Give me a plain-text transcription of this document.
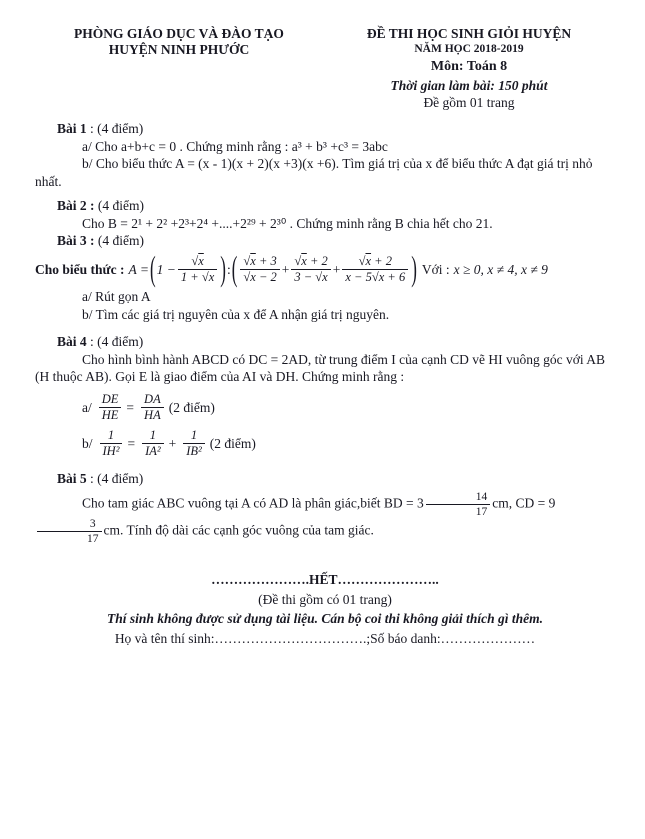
PHÒNG GIÁO DỤC VÀ ĐÀO TẠO
HUYỆN NINH PHƯỚC
ĐỀ THI HỌC SINH GIỎI HUYỆN
NĂM HỌC 2018-2019
Môn: Toán 8
Thời gian làm bài: 150 phút
Đề gồm 01 trang
Bài 1 : (4 điểm)
a/ Cho a+b+c = 0 . Chứng minh rằng : a³ + b³ +c³ = 3abc
b/ Cho biểu thức A = (x - 1)(x + 2)(x +3)(x +6). Tìm giá trị của x để biểu thức A đạt giá trị nhỏ nhất.
Bài 2 : (4 điểm)
Cho B = 2¹ + 2² +2³+2⁴ +....+2²⁹ + 2³⁰ . Chứng minh rằng B chia hết cho 21.
Bài 3 : (4 điểm)
Cho biểu thức : A = ( $1 - \frac{√x}{1 + √x}$ ) : ( $\frac{√x + 3}{√x - 2} + \frac{√x + 2}{3 - √x} + \frac{√x + 2}{x - 5√x + 6}$ ) Với : x ≥ 0, x ≠ 4, x ≠ 9
a/ Rút gọn A
b/ Tìm các giá trị nguyên của x để A nhận giá trị nguyên.
Bài 4 : (4 điểm)
Cho hình bình hành ABCD có DC = 2AD, từ trung điểm I của cạnh CD vẽ HI vuông góc với AB (H thuộc AB). Gọi E là giao điểm của AI và DH. Chứng minh rằng :
$a/ \frac{DE}{HE} = \frac{DA}{HA} (2$ điểm)
$b/ \frac{1}{\text{IH²}} = \frac{1}{\text{IA²}} + \frac{1}{\text{IB²}} (2$ điểm)
Bài 5 : (4 điểm)
Cho tam giác ABC vuông tại A có AD là phân giác,biết BD = $3 \frac{14}{17}$ cm, CD = 9
$\frac{3}{17}$ cm. Tính độ dài các cạnh góc vuông của tam giác.
………………….HẾT…………………..
(Đề thi gồm có 01 trang)
Thí sinh không được sử dụng tài liệu. Cán bộ coi thi không giải thích gì thêm.
Họ và tên thí sinh:…………………………….;Số báo danh:…………………
